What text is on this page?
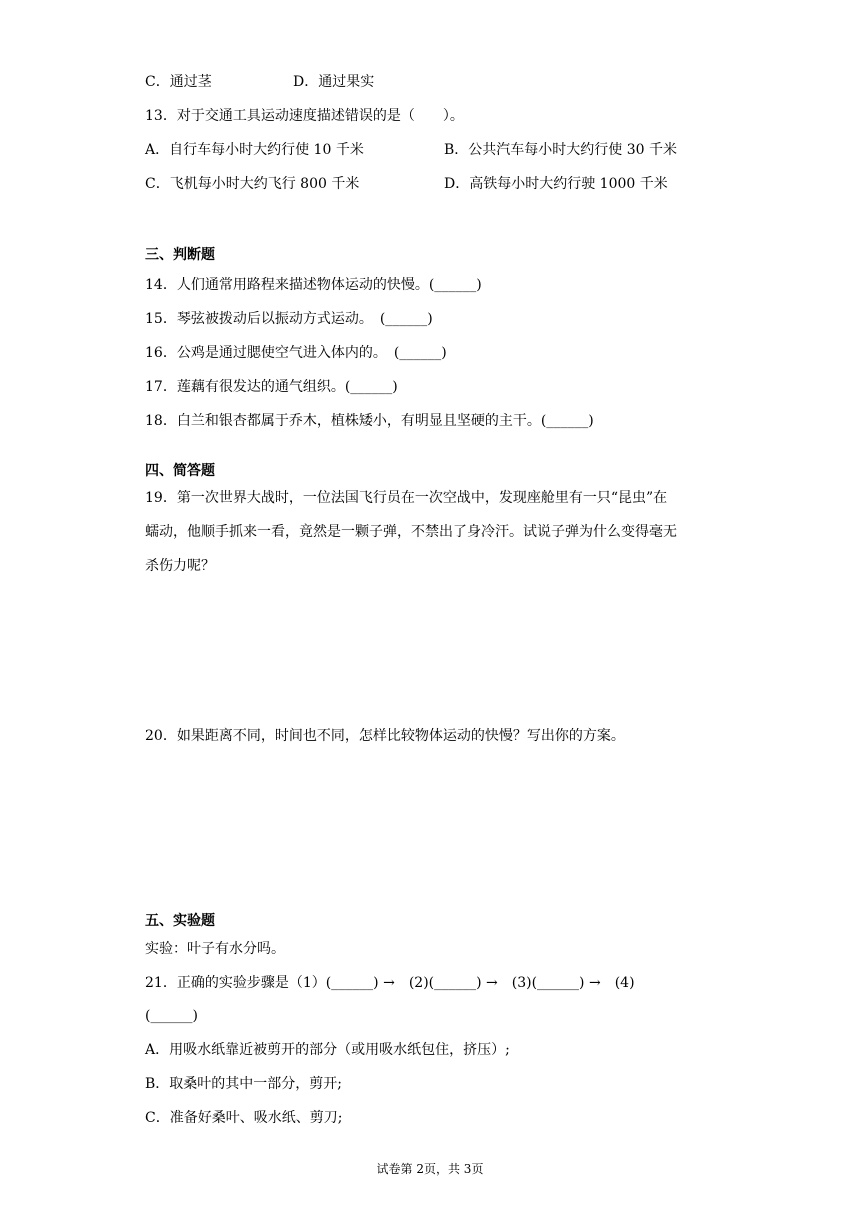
C．通过茎	D．通过果实
13．对于交通工具运动速度描述错误的是（　　）。
A．自行车每小时大约行使 10 千米	B．公共汽车每小时大约行使 30 千米
C．飞机每小时大约飞行 800 千米	D．高铁每小时大约行驶 1000 千米
三、判断题
14．人们通常用路程来描述物体运动的快慢。(______)
15．琴弦被拨动后以振动方式运动。　(______)
16．公鸡是通过腮使空气进入体内的。　(______)
17．莲藕有很发达的通气组织。(______)
18．白兰和银杏都属于乔木，植株矮小，有明显且坚硬的主干。(______)
四、简答题
19．第一次世界大战时，一位法国飞行员在一次空战中，发现座舱里有一只“昆虫”在
蠕动，他顺手抓来一看，竟然是一颗子弹，不禁出了身冷汗。试说子弹为什么变得毫无
杀伤力呢？
20．如果距离不同，时间也不同，怎样比较物体运动的快慢？写出你的方案。
五、实验题
实验：叶子有水分吗。
21．正确的实验步骤是（1）(______) →　(2)(______) →　(3)(______) →　(4)
(______)
A．用吸水纸靠近被剪开的部分（或用吸水纸包住，挤压）;
B．取桑叶的其中一部分，剪开;
C．准备好桑叶、吸水纸、剪刀;
试卷第 2页，共 3页
